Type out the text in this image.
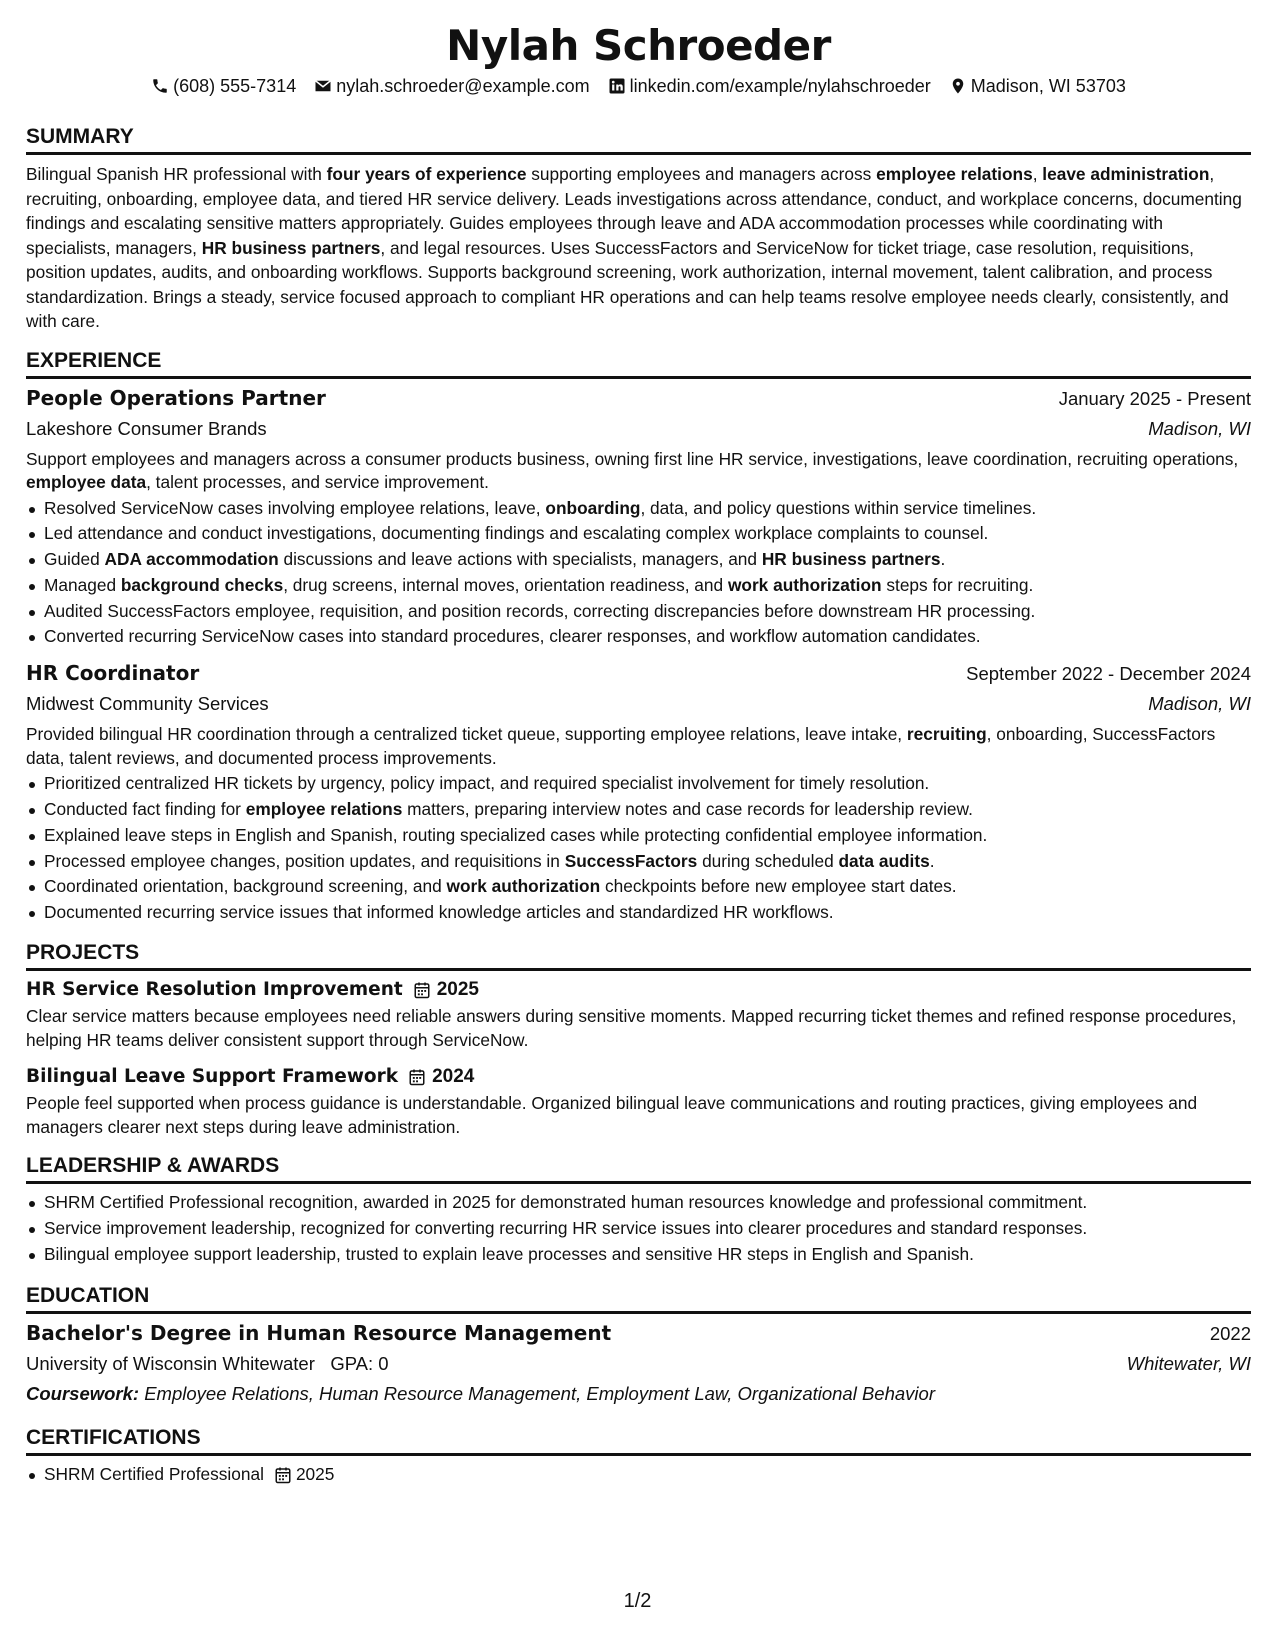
Nylah Schroeder
(608) 555-7314 nylah.schroeder@example.com linkedin.com/example/nylahschroeder Madison, WI 53703
SUMMARY

Bilingual Spanish HR professional with four years of experience supporting employees and managers across employee relations, leave administration, recruiting, onboarding, employee data, and tiered HR service delivery. Leads investigations across attendance, conduct, and workplace concerns, documenting findings and escalating sensitive matters appropriately. Guides employees through leave and ADA accommodation processes while coordinating with specialists, managers, HR business partners, and legal resources. Uses SuccessFactors and ServiceNow for ticket triage, case resolution, requisitions, position updates, audits, and onboarding workflows. Supports background screening, work authorization, internal movement, talent calibration, and process standardization. Brings a steady, service focused approach to compliant HR operations and can help teams resolve employee needs clearly, consistently, and with care.

EXPERIENCE
People Operations Partner	January 2025 - Present
Lakeshore Consumer Brands	Madison, WI

Support employees and managers across a consumer products business, owning first line HR service, investigations, leave coordination, recruiting operations, employee data, talent processes, and service improvement.

Resolved ServiceNow cases involving employee relations, leave, onboarding, data, and policy questions within service timelines.
Led attendance and conduct investigations, documenting findings and escalating complex workplace complaints to counsel.
Guided ADA accommodation discussions and leave actions with specialists, managers, and HR business partners.
Managed background checks, drug screens, internal moves, orientation readiness, and work authorization steps for recruiting.
Audited SuccessFactors employee, requisition, and position records, correcting discrepancies before downstream HR processing.
Converted recurring ServiceNow cases into standard procedures, clearer responses, and workflow automation candidates.
HR Coordinator	September 2022 - December 2024
Midwest Community Services	Madison, WI

Provided bilingual HR coordination through a centralized ticket queue, supporting employee relations, leave intake, recruiting, onboarding, SuccessFactors data, talent reviews, and documented process improvements.

Prioritized centralized HR tickets by urgency, policy impact, and required specialist involvement for timely resolution.
Conducted fact finding for employee relations matters, preparing interview notes and case records for leadership review.
Explained leave steps in English and Spanish, routing specialized cases while protecting confidential employee information.
Processed employee changes, position updates, and requisitions in SuccessFactors during scheduled data audits.
Coordinated orientation, background screening, and work authorization checkpoints before new employee start dates.
Documented recurring service issues that informed knowledge articles and standardized HR workflows.
PROJECTS
HR Service Resolution Improvement 2025

Clear service matters because employees need reliable answers during sensitive moments. Mapped recurring ticket themes and refined response procedures, helping HR teams deliver consistent support through ServiceNow.

Bilingual Leave Support Framework 2024

People feel supported when process guidance is understandable. Organized bilingual leave communications and routing practices, giving employees and managers clearer next steps during leave administration.

LEADERSHIP & AWARDS
SHRM Certified Professional recognition, awarded in 2025 for demonstrated human resources knowledge and professional commitment.
Service improvement leadership, recognized for converting recurring HR service issues into clearer procedures and standard responses.
Bilingual employee support leadership, trusted to explain leave processes and sensitive HR steps in English and Spanish.
EDUCATION
Bachelor's Degree in Human Resource Management	2022
University of Wisconsin Whitewater GPA: 0	Whitewater, WI
Coursework: Employee Relations, Human Resource Management, Employment Law, Organizational Behavior
CERTIFICATIONS
SHRM Certified Professional 2025
1/2
